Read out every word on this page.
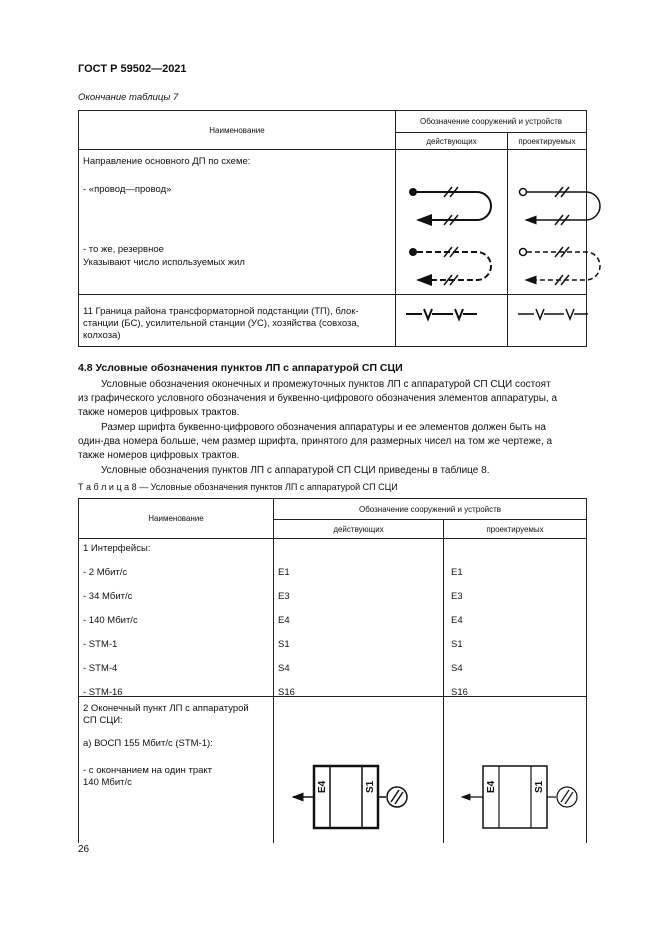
ГОСТ Р 59502—2021
Окончание таблицы 7
Наименование	Обозначение сооружений и устройств	
	действующих	проектируемых

Направление основного ДП по схеме:
- «провод—провод»
- то же, резервное
Указывают число используемых жил
11 Граница района трансформаторной подстанции (ТП), блок-
станции (БС), усилительной станции (УС), хозяйства (совхоза,
колхоза)
4.8 Условные обозначения пунктов ЛП с аппаратурой СП СЦИ
Условные обозначения оконечных и промежуточных пунктов ЛП с аппаратурой СП СЦИ состоят
из графического условного обозначения и буквенно-цифрового обозначения элементов аппаратуры, а
также номеров цифровых трактов.
Размер шрифта буквенно-цифрового обозначения аппаратуры и ее элементов должен быть на
один-два номера больше, чем размер шрифта, принятого для размерных чисел на том же чертеже, а
также номеров цифровых трактов.
Условные обозначения пунктов ЛП с аппаратурой СП СЦИ приведены в таблице 8.
Т а б л и ц а 8 — Условные обозначения пунктов ЛП с аппаратурой СП СЦИ
Наименование	Обозначение сооружений и устройств	
	действующих	проектируемых

1 Интерфейсы:
- 2 Мбит/с	E1	E1
- 34 Мбит/с	E3	E3
- 140 Мбит/с	E4	E4
- STM-1	S1	S1
- STM-4	S4	S4
- STM-16	S16	S16
2 Оконечный пункт ЛП с аппаратурой
СП СЦИ:
а) ВОСП 155 Мбит/с (STM-1):
- с окончанием на один тракт
140 Мбит/с	E4	S1	E4	S1
26
